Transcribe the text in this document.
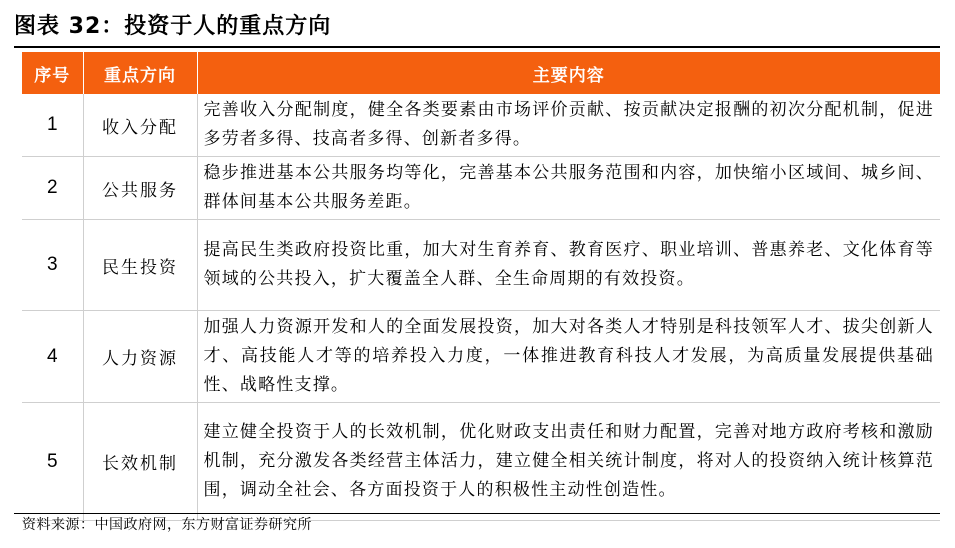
图表 32：投资于人的重点方向
序号	重点方向	主要内容
1	收入分配	完善收入分配制度，健全各类要素由市场评价贡献、按贡献决定报酬的初次分配机制，促进多劳者多得、技高者多得、创新者多得。
2	公共服务	稳步推进基本公共服务均等化，完善基本公共服务范围和内容，加快缩小区域间、城乡间、群体间基本公共服务差距。
3	民生投资	提高民生类政府投资比重，加大对生育养育、教育医疗、职业培训、普惠养老、文化体育等领域的公共投入，扩大覆盖全人群、全生命周期的有效投资。
4	人力资源	加强人力资源开发和人的全面发展投资，加大对各类人才特别是科技领军人才、拔尖创新人才、高技能人才等的培养投入力度，一体推进教育科技人才发展，为高质量发展提供基础性、战略性支撑。
5	长效机制	建立健全投资于人的长效机制，优化财政支出责任和财力配置，完善对地方政府考核和激励机制，充分激发各类经营主体活力，建立健全相关统计制度，将对人的投资纳入统计核算范围，调动全社会、各方面投资于人的积极性主动性创造性。
资料来源：中国政府网，东方财富证券研究所
